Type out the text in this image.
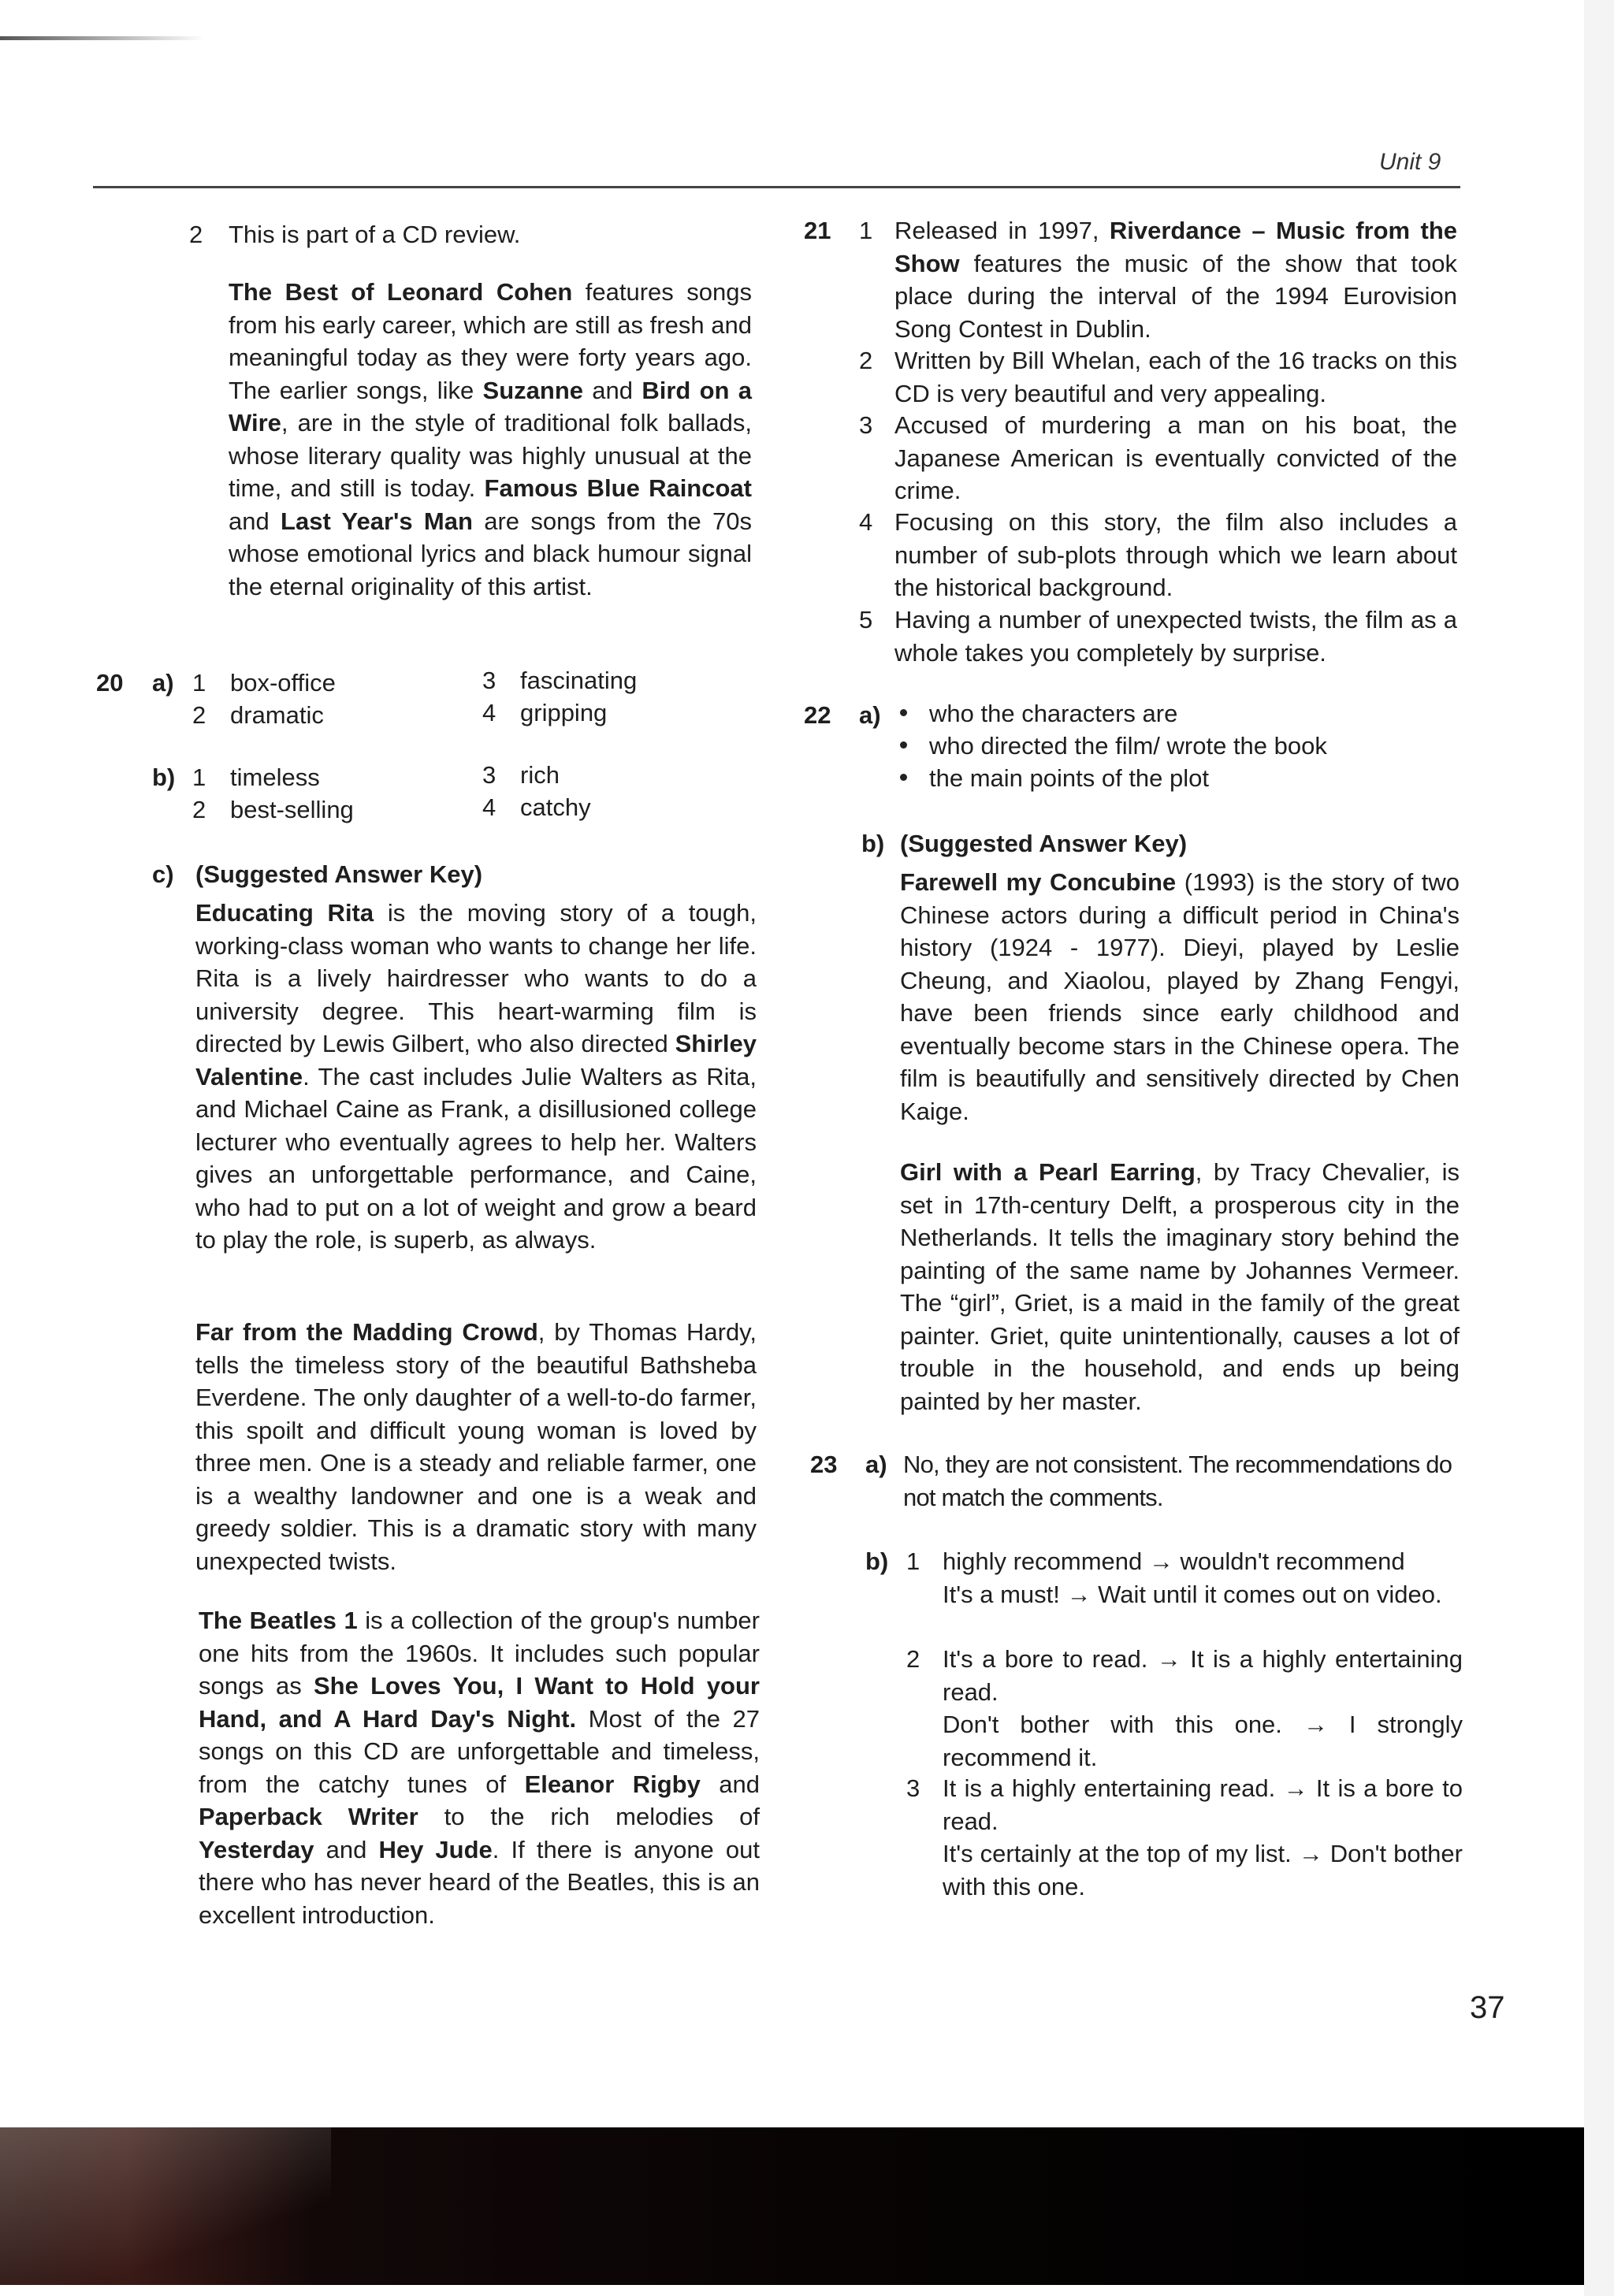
Unit 9
2 This is part of a CD review.
The Best of Leonard Cohen features songs from his early career, which are still as fresh and meaningful today as they were forty years ago. The earlier songs, like Suzanne and Bird on a Wire, are in the style of traditional folk ballads, whose literary quality was highly unusual at the time, and still is today. Famous Blue Raincoat and Last Year's Man are songs from the 70s whose emotional lyrics and black humour signal the eternal originality of this artist.
20 a) 1 box-office
2 dramatic
3 fascinating
4 gripping
b) 1 timeless
2 best-selling
3 rich
4 catchy
c) (Suggested Answer Key)
Educating Rita is the moving story of a tough, working-class woman who wants to change her life. Rita is a lively hairdresser who wants to do a university degree. This heart-warming film is directed by Lewis Gilbert, who also directed Shirley Valentine. The cast includes Julie Walters as Rita, and Michael Caine as Frank, a disillusioned college lecturer who eventually agrees to help her. Walters gives an unforgettable performance, and Caine, who had to put on a lot of weight and grow a beard to play the role, is superb, as always.
Far from the Madding Crowd, by Thomas Hardy, tells the timeless story of the beautiful Bathsheba Everdene. The only daughter of a well-to-do farmer, this spoilt and difficult young woman is loved by three men. One is a steady and reliable farmer, one is a wealthy landowner and one is a weak and greedy soldier. This is a dramatic story with many unexpected twists.
The Beatles 1 is a collection of the group's number one hits from the 1960s. It includes such popular songs as She Loves You, I Want to Hold your Hand, and A Hard Day's Night. Most of the 27 songs on this CD are unforgettable and timeless, from the catchy tunes of Eleanor Rigby and Paperback Writer to the rich melodies of Yesterday and Hey Jude. If there is anyone out there who has never heard of the Beatles, this is an excellent introduction.
21 1 Released in 1997, Riverdance – Music from the Show features the music of the show that took place during the interval of the 1994 Eurovision Song Contest in Dublin.
2 Written by Bill Whelan, each of the 16 tracks on this CD is very beautiful and very appealing.
3 Accused of murdering a man on his boat, the Japanese American is eventually convicted of the crime.
4 Focusing on this story, the film also includes a number of sub-plots through which we learn about the historical background.
5 Having a number of unexpected twists, the film as a whole takes you completely by surprise.
22 a)	who the characters are
who directed the film/ wrote the book
the main points of the plot
b) (Suggested Answer Key)
Farewell my Concubine (1993) is the story of two Chinese actors during a difficult period in China's history (1924 - 1977). Dieyi, played by Leslie Cheung, and Xiaolou, played by Zhang Fengyi, have been friends since early childhood and eventually become stars in the Chinese opera. The film is beautifully and sensitively directed by Chen Kaige.
Girl with a Pearl Earring, by Tracy Chevalier, is set in 17th-century Delft, a prosperous city in the Netherlands. It tells the imaginary story behind the painting of the same name by Johannes Vermeer. The “girl”, Griet, is a maid in the family of the great painter. Griet, quite unintentionally, causes a lot of trouble in the household, and ends up being painted by her master.
23 a) No, they are not consistent. The recommendations do not match the comments.
b) 1 highly recommend → wouldn't recommend
It's a must! → Wait until it comes out on video.
2 It's a bore to read. → It is a highly entertaining read.
Don't bother with this one. → I strongly recommend it.
3 It is a highly entertaining read. → It is a bore to read.
It's certainly at the top of my list. → Don't bother with this one.
37
